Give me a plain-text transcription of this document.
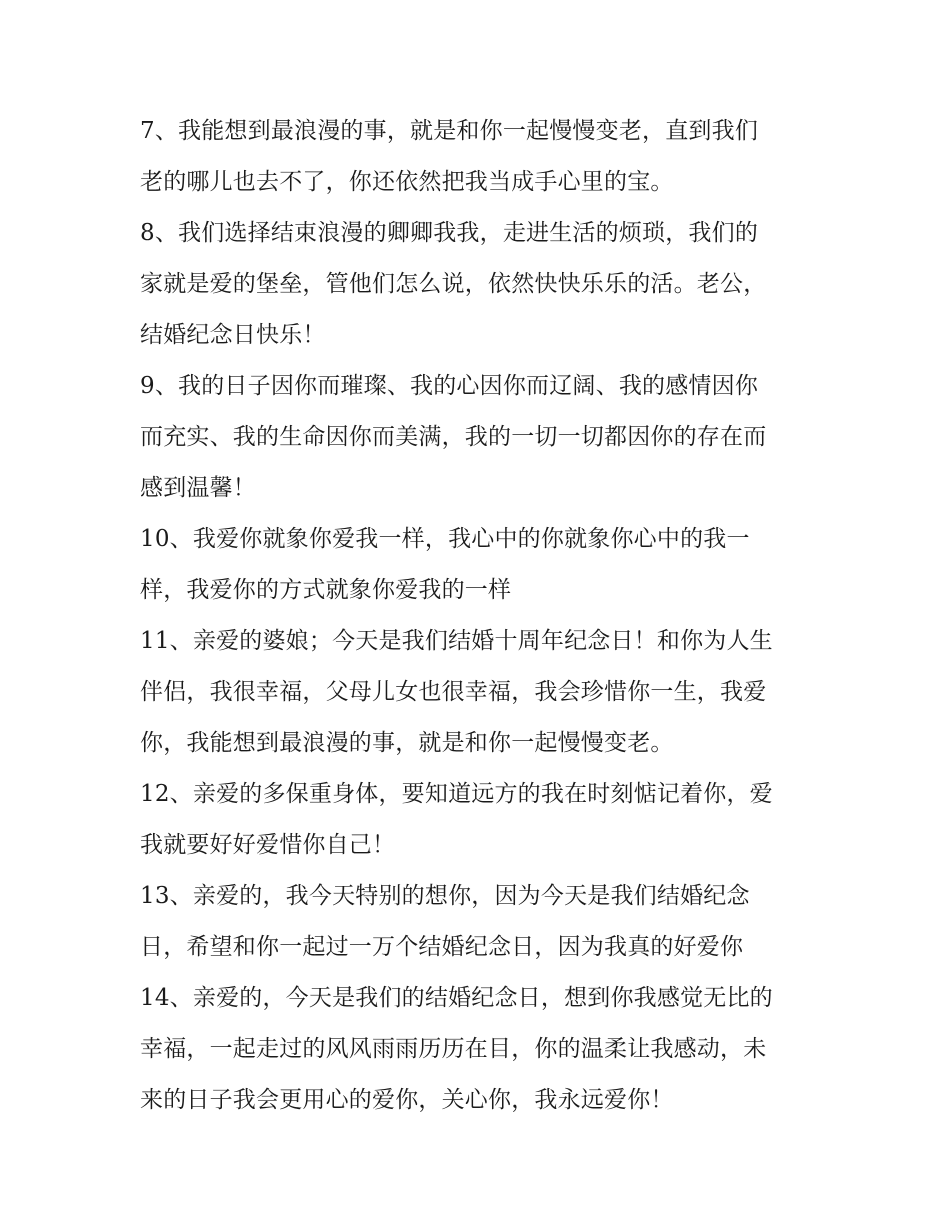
7、我能想到最浪漫的事，就是和你一起慢慢变老，直到我们
老的哪儿也去不了，你还依然把我当成手心里的宝。
8、我们选择结束浪漫的卿卿我我，走进生活的烦琐，我们的
家就是爱的堡垒，管他们怎么说，依然快快乐乐的活。老公，
结婚纪念日快乐！
9、我的日子因你而璀璨、我的心因你而辽阔、我的感情因你
而充实、我的生命因你而美满，我的一切一切都因你的存在而
感到温馨！
10、我爱你就象你爱我一样，我心中的你就象你心中的我一
样，我爱你的方式就象你爱我的一样
11、亲爱的婆娘；今天是我们结婚十周年纪念日！和你为人生
伴侣，我很幸福，父母儿女也很幸福，我会珍惜你一生，我爱
你，我能想到最浪漫的事，就是和你一起慢慢变老。
12、亲爱的多保重身体，要知道远方的我在时刻惦记着你，爱
我就要好好爱惜你自己！
13、亲爱的，我今天特别的想你，因为今天是我们结婚纪念
日，希望和你一起过一万个结婚纪念日，因为我真的好爱你
14、亲爱的，今天是我们的结婚纪念日，想到你我感觉无比的
幸福，一起走过的风风雨雨历历在目，你的温柔让我感动，未
来的日子我会更用心的爱你，关心你，我永远爱你！
